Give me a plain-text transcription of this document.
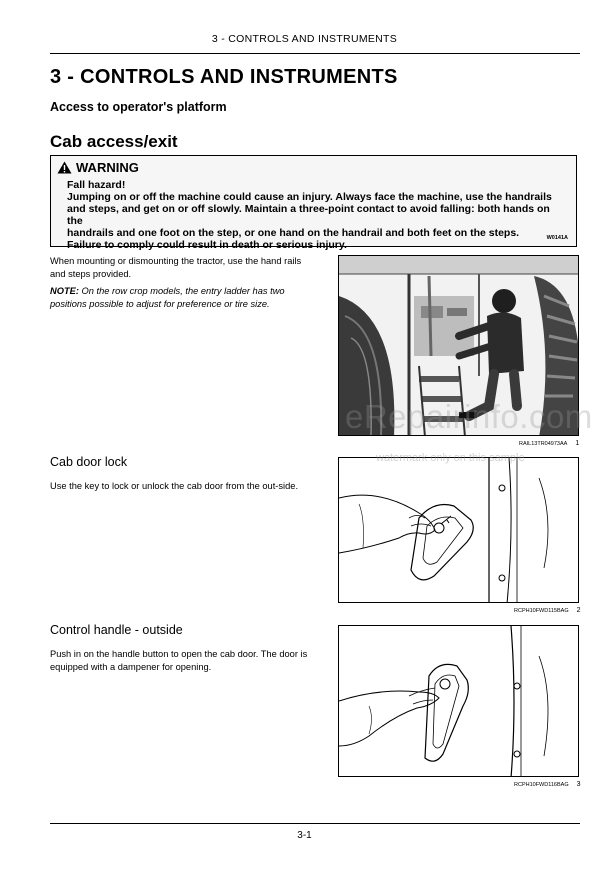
3 - CONTROLS AND INSTRUMENTS
3 - CONTROLS AND INSTRUMENTS
Access to operator's platform
Cab access/exit
WARNING
Fall hazard!
Jumping on or off the machine could cause an injury. Always face the machine, use the handrails
and steps, and get on or off slowly. Maintain a three-point contact to avoid falling: both hands on the
handrails and one foot on the step, or one hand on the handrail and both feet on the steps.
Failure to comply could result in death or serious injury.
W0141A
When mounting or dismounting the tractor, use the hand rails and steps provided.
NOTE: On the row crop models, the entry ladder has two positions possible to adjust for preference or tire size.
RAIL13TR04973AA 1
Cab door lock
Use the key to lock or unlock the cab door from the out-side.
RCPH10FWD115BAG 2
Control handle - outside
Push in on the handle button to open the cab door. The door is equipped with a dampener for opening.
RCPH10FWD116BAG 3
eRepairinfo.com
watermark only on this sample
3-1
